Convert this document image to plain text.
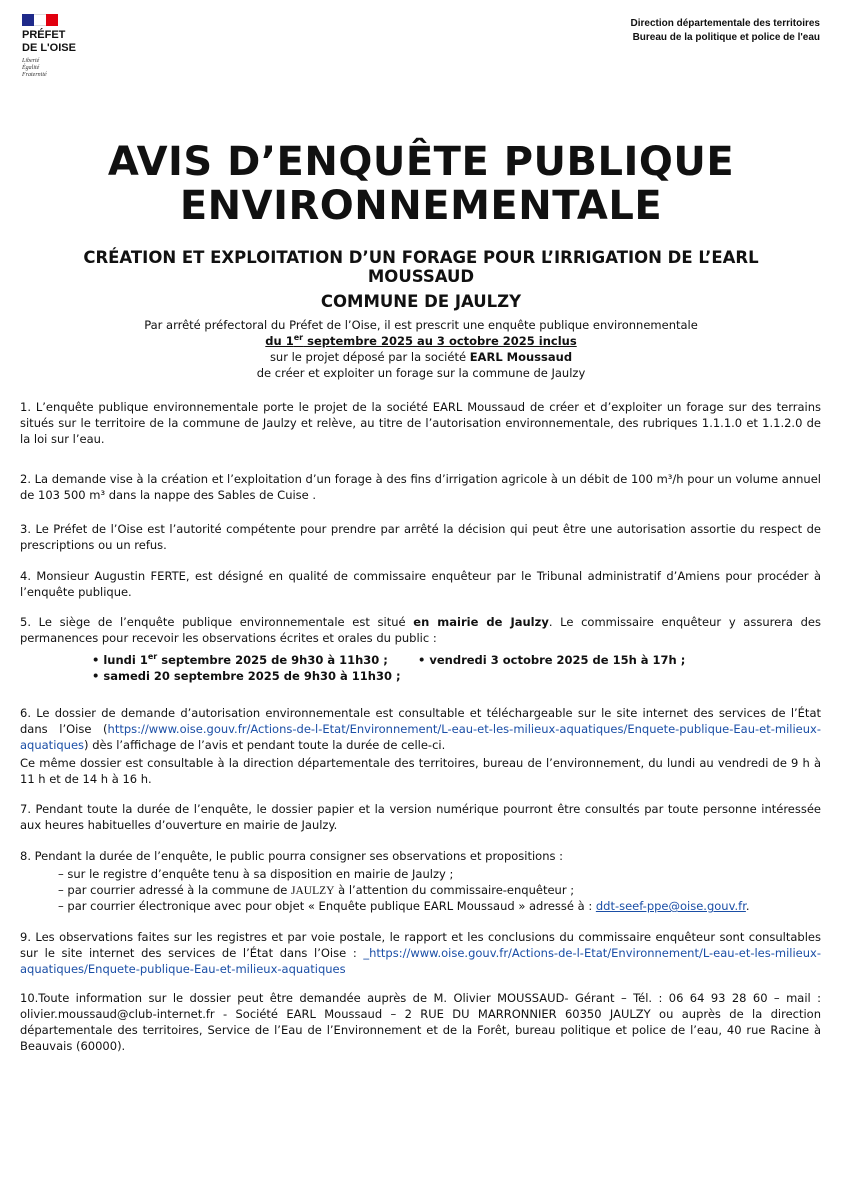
PRÉFET
DE L'OISE
Liberté
Égalité
Fraternité
Direction départementale des territoires
Bureau de la politique et police de l'eau
AVIS D’ENQUÊTE PUBLIQUE
ENVIRONNEMENTALE
CRÉATION ET EXPLOITATION D’UN FORAGE POUR L’IRRIGATION DE L’EARL MOUSSAUD
COMMUNE DE JAULZY
Par arrêté préfectoral du Préfet de l’Oise, il est prescrit une enquête publique environnementale
du 1er septembre 2025 au 3 octobre 2025 inclus
sur le projet déposé par la société EARL Moussaud
de créer et exploiter un forage sur la commune de Jaulzy
1. L’enquête publique environnementale porte le projet de la société EARL Moussaud de créer et d’exploiter un forage sur des terrains situés sur le territoire de la commune de Jaulzy et relève, au titre de l’autorisation environnementale, des rubriques 1.1.1.0 et 1.1.2.0 de la loi sur l’eau.
2. La demande vise à la création et l’exploitation d’un forage à des fins d’irrigation agricole à un débit de 100 m³/h pour un volume annuel de 103 500 m³ dans la nappe des Sables de Cuise .
3. Le Préfet de l’Oise est l’autorité compétente pour prendre par arrêté la décision qui peut être une autorisation assortie du respect de prescriptions ou un refus.
4. Monsieur Augustin FERTE, est désigné en qualité de commissaire enquêteur par le Tribunal administratif d’Amiens pour procéder à l’enquête publique.
5. Le siège de l’enquête publique environnementale est situé en mairie de Jaulzy. Le commissaire enquêteur y assurera des permanences pour recevoir les observations écrites et orales du public :
• lundi 1er septembre 2025 de 9h30 à 11h30 ;	• vendredi 3 octobre 2025 de 15h à 17h ;
• samedi 20 septembre 2025 de 9h30 à 11h30 ;
6. Le dossier de demande d’autorisation environnementale est consultable et téléchargeable sur le site internet des services de l’État dans l’Oise (https://www.oise.gouv.fr/Actions-de-l-Etat/Environnement/L-eau-et-les-milieux-aquatiques/Enquete-publique-Eau-et-milieux-aquatiques) dès l’affichage de l’avis et pendant toute la durée de celle-ci.
Ce même dossier est consultable à la direction départementale des territoires, bureau de l’environnement, du lundi au vendredi de 9 h à 11 h et de 14 h à 16 h.
7. Pendant toute la durée de l’enquête, le dossier papier et la version numérique pourront être consultés par toute personne intéressée aux heures habituelles d’ouverture en mairie de Jaulzy.
8. Pendant la durée de l’enquête, le public pourra consigner ses observations et propositions :
– sur le registre d’enquête tenu à sa disposition en mairie de Jaulzy ;
– par courrier adressé à la commune de JAULZY à l’attention du commissaire-enquêteur ;
– par courrier électronique avec pour objet « Enquête publique EARL Moussaud » adressé à : ddt-seef-ppe@oise.gouv.fr.
9. Les observations faites sur les registres et par voie postale, le rapport et les conclusions du commissaire enquêteur sont consultables sur le site internet des services de l’État dans l’Oise : _https://www.oise.gouv.fr/Actions-de-l-Etat/Environnement/L-eau-et-les-milieux-aquatiques/Enquete-publique-Eau-et-milieux-aquatiques
10.Toute information sur le dossier peut être demandée auprès de M. Olivier MOUSSAUD- Gérant – Tél. : 06 64 93 28 60 – mail : olivier.moussaud@club-internet.fr - Société EARL Moussaud – 2 RUE DU MARRONNIER 60350 JAULZY ou auprès de la direction départementale des territoires, Service de l’Eau de l’Environnement et de la Forêt, bureau politique et police de l’eau, 40 rue Racine à Beauvais (60000).
